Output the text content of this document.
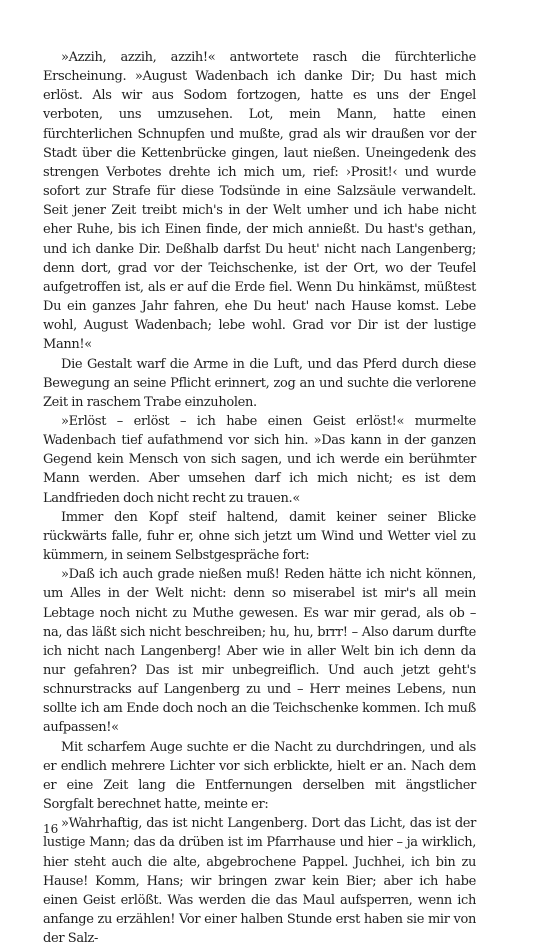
»Azzih, azzih, azzih!« antwortete rasch die fürchterliche Erscheinung. »August Wadenbach ich danke Dir; Du hast mich erlöst. Als wir aus Sodom fortzogen, hatte es uns der Engel verboten, uns umzusehen. Lot, mein Mann, hatte einen fürchterlichen Schnupfen und mußte, grad als wir draußen vor der Stadt über die Kettenbrücke gingen, laut nießen. Uneingedenk des strengen Verbotes drehte ich mich um, rief: ›Prosit!‹ und wurde sofort zur Strafe für diese Todsünde in eine Salzsäule verwandelt. Seit jener Zeit treibt mich's in der Welt umher und ich habe nicht eher Ruhe, bis ich Einen finde, der mich anniеßt. Du hast's gethan, und ich danke Dir. Deßhalb darfst Du heut' nicht nach Langenberg; denn dort, grad vor der Teichschenke, ist der Ort, wo der Teufel aufgetroffen ist, als er auf die Erde fiel. Wenn Du hinkämst, müßtest Du ein ganzes Jahr fahren, ehe Du heut' nach Hause komst. Lebe wohl, August Wadenbach; lebe wohl. Grad vor Dir ist der lustige Mann!«

Die Gestalt warf die Arme in die Luft, und das Pferd durch diese Bewegung an seine Pflicht erinnert, zog an und suchte die verlorene Zeit in raschem Trabe einzuholen.

»Erlöst – erlöst – ich habe einen Geist erlöst!« murmelte Wadenbach tief aufathmend vor sich hin. »Das kann in der ganzen Gegend kein Mensch von sich sagen, und ich werde ein berühmter Mann werden. Aber umsehen darf ich mich nicht; es ist dem Landfrieden doch nicht recht zu trauen.«

Immer den Kopf steif haltend, damit keiner seiner Blicke rückwärts falle, fuhr er, ohne sich jetzt um Wind und Wetter viel zu kümmern, in seinem Selbstgespräche fort:

»Daß ich auch grade nießen muß! Reden hätte ich nicht können, um Alles in der Welt nicht: denn so miserabel ist mir's all mein Lebtage noch nicht zu Muthe gewesen. Es war mir gerad, als ob – na, das läßt sich nicht beschreiben; hu, hu, brrr! – Also darum durfte ich nicht nach Langenberg! Aber wie in aller Welt bin ich denn da nur gefahren? Das ist mir unbegreiflich. Und auch jetzt geht's schnurstracks auf Langenberg zu und – Herr meines Lebens, nun sollte ich am Ende doch noch an die Teichschenke kommen. Ich muß aufpassen!«

Mit scharfem Auge suchte er die Nacht zu durchdringen, und als er endlich mehrere Lichter vor sich erblickte, hielt er an. Nach dem er eine Zeit lang die Entfernungen derselben mit ängstlicher Sorgfalt berechnet hatte, meinte er:

»Wahrhaftig, das ist nicht Langenberg. Dort das Licht, das ist der lustige Mann; das da drüben ist im Pfarrhause und hier – ja wirklich, hier steht auch die alte, abgebrochene Pappel. Juchhei, ich bin zu Hause! Komm, Hans; wir bringen zwar kein Bier; aber ich habe einen Geist erlößt. Was werden die das Maul aufsperren, wenn ich anfange zu erzählen! Vor einer halben Stunde erst haben sie mir von der Salz-

16
